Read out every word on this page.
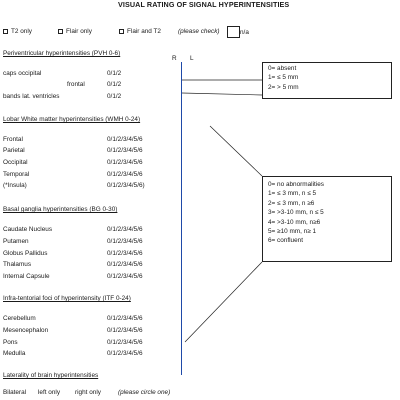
VISUAL RATING OF SIGNAL HYPERINTENSITIES
T2 only	Flair only	Flair and T2	(please check)	n/a
R L
Periventricular hyperintensities (PVH 0-6)
caps occipital	0/1/2
frontal	0/1/2
bands lat. ventricles	0/1/2
Lobar White matter hyperintensities (WMH 0-24)
Frontal	0/1/2/3/4/5/6
Parietal	0/1/2/3/4/5/6
Occipital	0/1/2/3/4/5/6
Temporal	0/1/2/3/4/5/6
(*Insula)	0/1/2/3/4/5/6)
Basal ganglia hyperintensities (BG 0-30)
Caudate Nucleus	0/1/2/3/4/5/6
Putamen	0/1/2/3/4/5/6
Globus Pallidus	0/1/2/3/4/5/6
Thalamus	0/1/2/3/4/5/6
Internal Capsule	0/1/2/3/4/5/6
Infra-tentorial foci of hyperintensity (ITF 0-24)
Cerebellum	0/1/2/3/4/5/6
Mesencephalon	0/1/2/3/4/5/6
Pons	0/1/2/3/4/5/6
Medulla	0/1/2/3/4/5/6
Laterality of brain hyperintensities
Bilateral left only right only	(please circle one)
0= absent
1= ≤ 5 mm
2= > 5 mm
0= no abnormalities
1= ≤ 3 mm, n ≤ 5
2= ≤ 3 mm, n ≥6
3= >3-10 mm, n ≤ 5
4= >3-10 mm, n≥6
5= ≥10 mm, n≥ 1
6= confluent
